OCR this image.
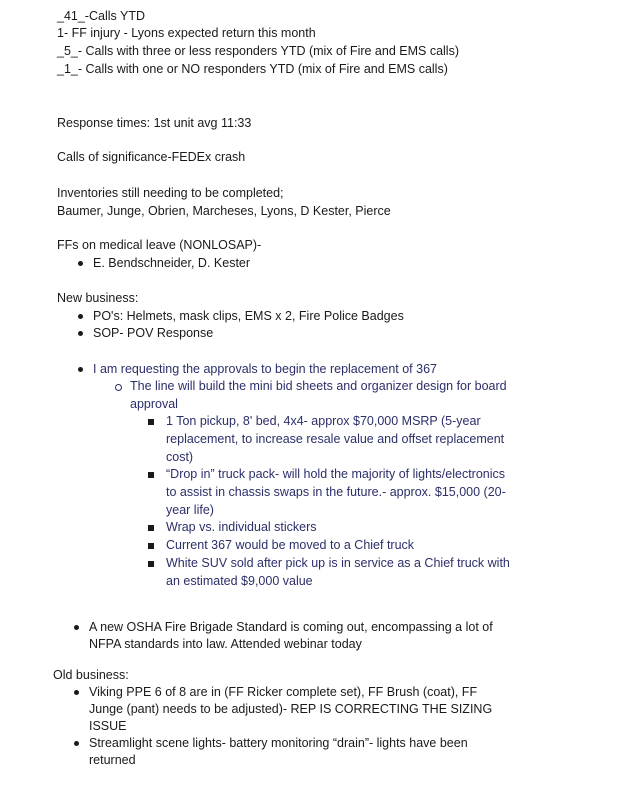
_41_-Calls YTD
1- FF injury - Lyons expected return this month
_5_- Calls with three or less responders YTD (mix of Fire and EMS calls)
_1_- Calls with one or NO responders YTD (mix of Fire and EMS calls)
Response times: 1st unit avg 11:33
Calls of significance-FEDEx crash
Inventories still needing to be completed;
Baumer, Junge, Obrien, Marcheses, Lyons, D Kester, Pierce
FFs on medical leave (NONLOSAP)-
E. Bendschneider, D. Kester
New business:
PO's: Helmets, mask clips, EMS x 2, Fire Police Badges
SOP- POV Response
I am requesting the approvals to begin the replacement of 367
The line will build the mini bid sheets and organizer design for board
approval
1 Ton pickup, 8' bed, 4x4- approx $70,000 MSRP (5-year
replacement, to increase resale value and offset replacement
cost)
“Drop in” truck pack- will hold the majority of lights/electronics
to assist in chassis swaps in the future.- approx. $15,000 (20-
year life)
Wrap vs. individual stickers
Current 367 would be moved to a Chief truck
White SUV sold after pick up is in service as a Chief truck with
an estimated $9,000 value
A new OSHA Fire Brigade Standard is coming out, encompassing a lot of
NFPA standards into law. Attended webinar today
Old business:
Viking PPE 6 of 8 are in (FF Ricker complete set), FF Brush (coat), FF
Junge (pant) needs to be adjusted)- REP IS CORRECTING THE SIZING
ISSUE
Streamlight scene lights- battery monitoring “drain”- lights have been
returned
